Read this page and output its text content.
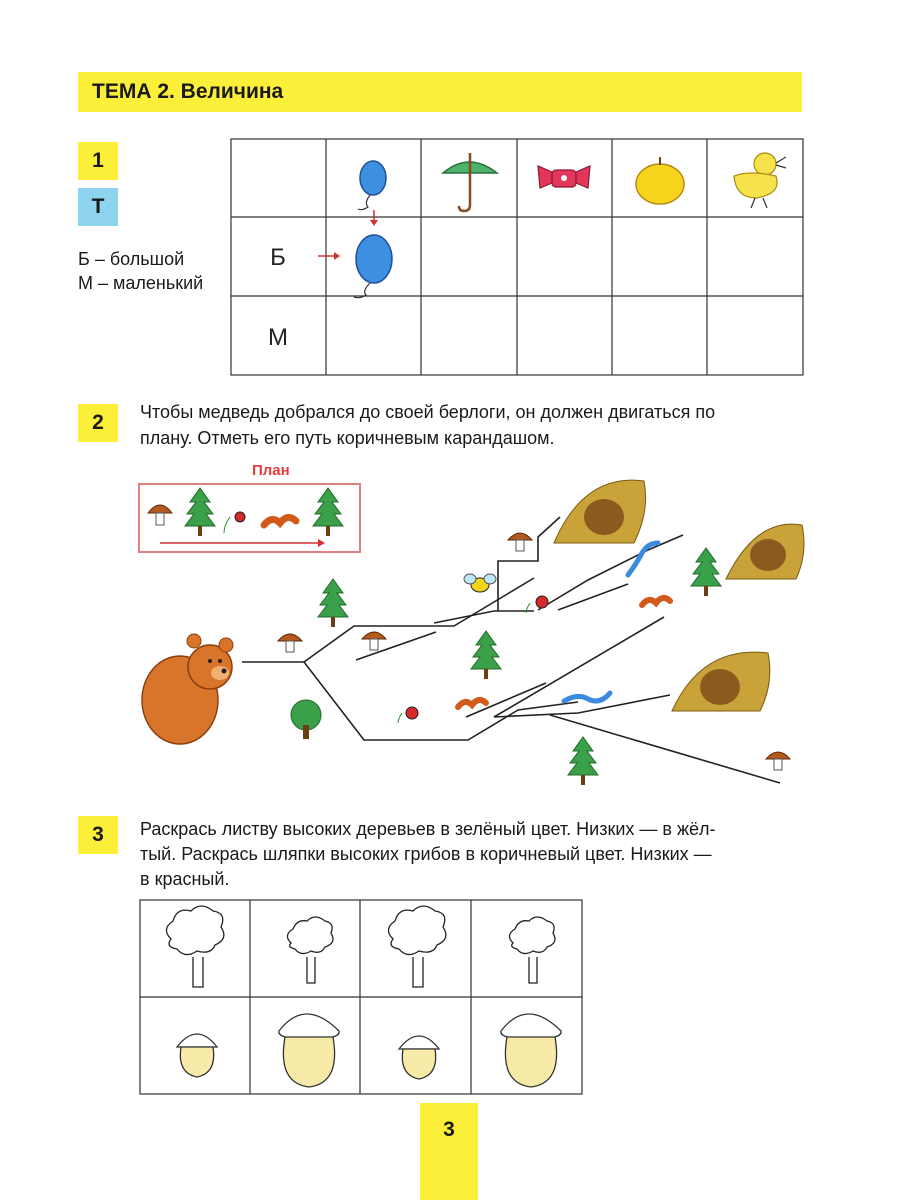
ТЕМА 2. Величина
1
Т
Б – большой
М – маленький
Б
М
2	Чтобы медведь добрался до своей берлоги, он должен двигаться по
плану. Отметь его путь коричневым карандашом.
План
3	Раскрась листву высоких деревьев в зелёный цвет. Низких — в жёл-
тый. Раскрась шляпки высоких грибов в коричневый цвет. Низких —
в красный.
3
